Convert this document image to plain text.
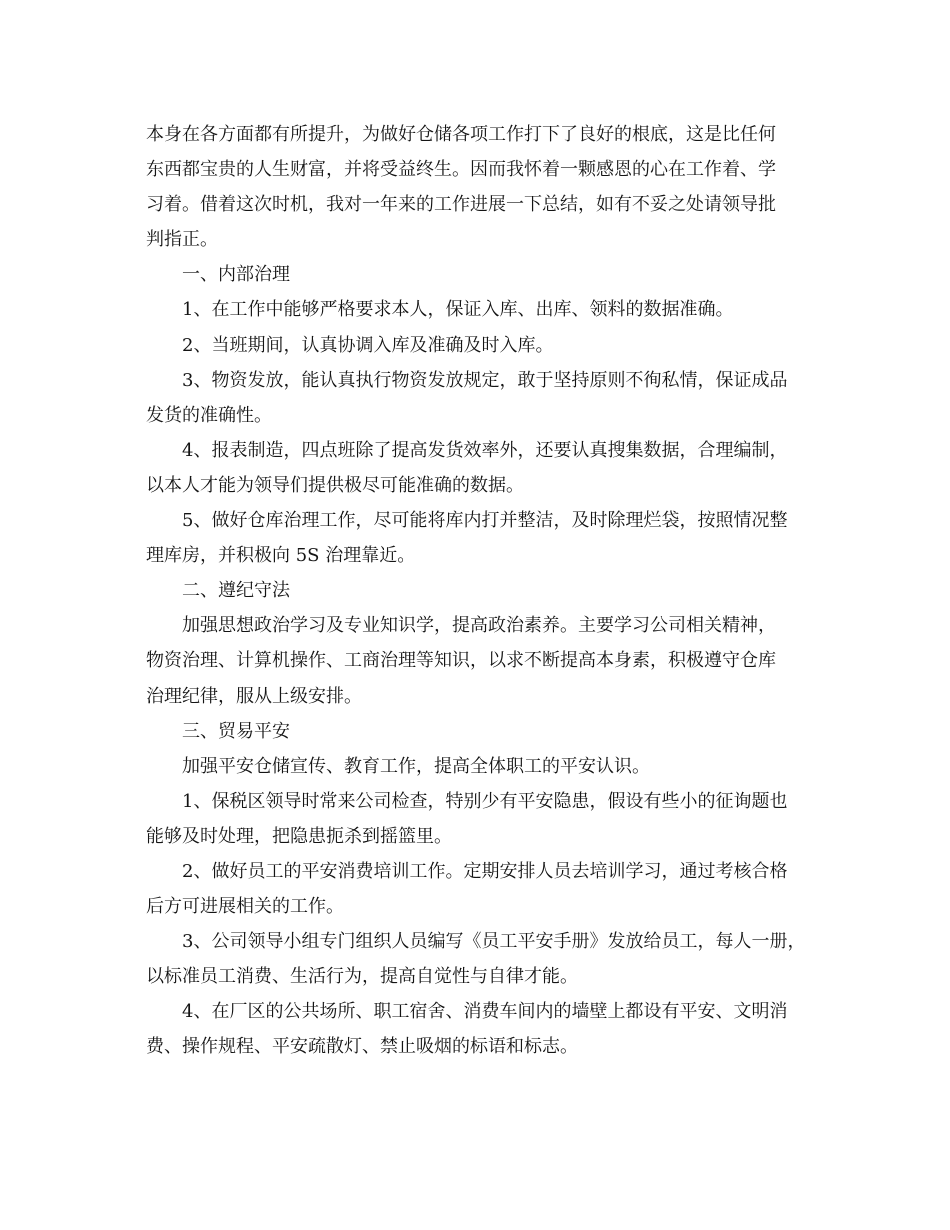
本身在各方面都有所提升，为做好仓储各项工作打下了良好的根底，这是比任何
东西都宝贵的人生财富，并将受益终生。因而我怀着一颗感恩的心在工作着、学
习着。借着这次时机，我对一年来的工作进展一下总结，如有不妥之处请领导批
判指正。
一、内部治理
1、在工作中能够严格要求本人，保证入库、出库、领料的数据准确。
2、当班期间，认真协调入库及准确及时入库。
3、物资发放，能认真执行物资发放规定，敢于坚持原则不徇私情，保证成品
发货的准确性。
4、报表制造，四点班除了提高发货效率外，还要认真搜集数据，合理编制，
以本人才能为领导们提供极尽可能准确的数据。
5、做好仓库治理工作，尽可能将库内打并整洁，及时除理烂袋，按照情况整
理库房，并积极向 5S 治理靠近。
二、遵纪守法
加强思想政治学习及专业知识学，提高政治素养。主要学习公司相关精神，
物资治理、计算机操作、工商治理等知识，以求不断提高本身素，积极遵守仓库
治理纪律，服从上级安排。
三、贸易平安
加强平安仓储宣传、教育工作，提高全体职工的平安认识。
1、保税区领导时常来公司检查，特别少有平安隐患，假设有些小的征询题也
能够及时处理，把隐患扼杀到摇篮里。
2、做好员工的平安消费培训工作。定期安排人员去培训学习，通过考核合格
后方可进展相关的工作。
3、公司领导小组专门组织人员编写《员工平安手册》发放给员工，每人一册，
以标准员工消费、生活行为，提高自觉性与自律才能。
4、在厂区的公共场所、职工宿舍、消费车间内的墙壁上都设有平安、文明消
费、操作规程、平安疏散灯、禁止吸烟的标语和标志。
